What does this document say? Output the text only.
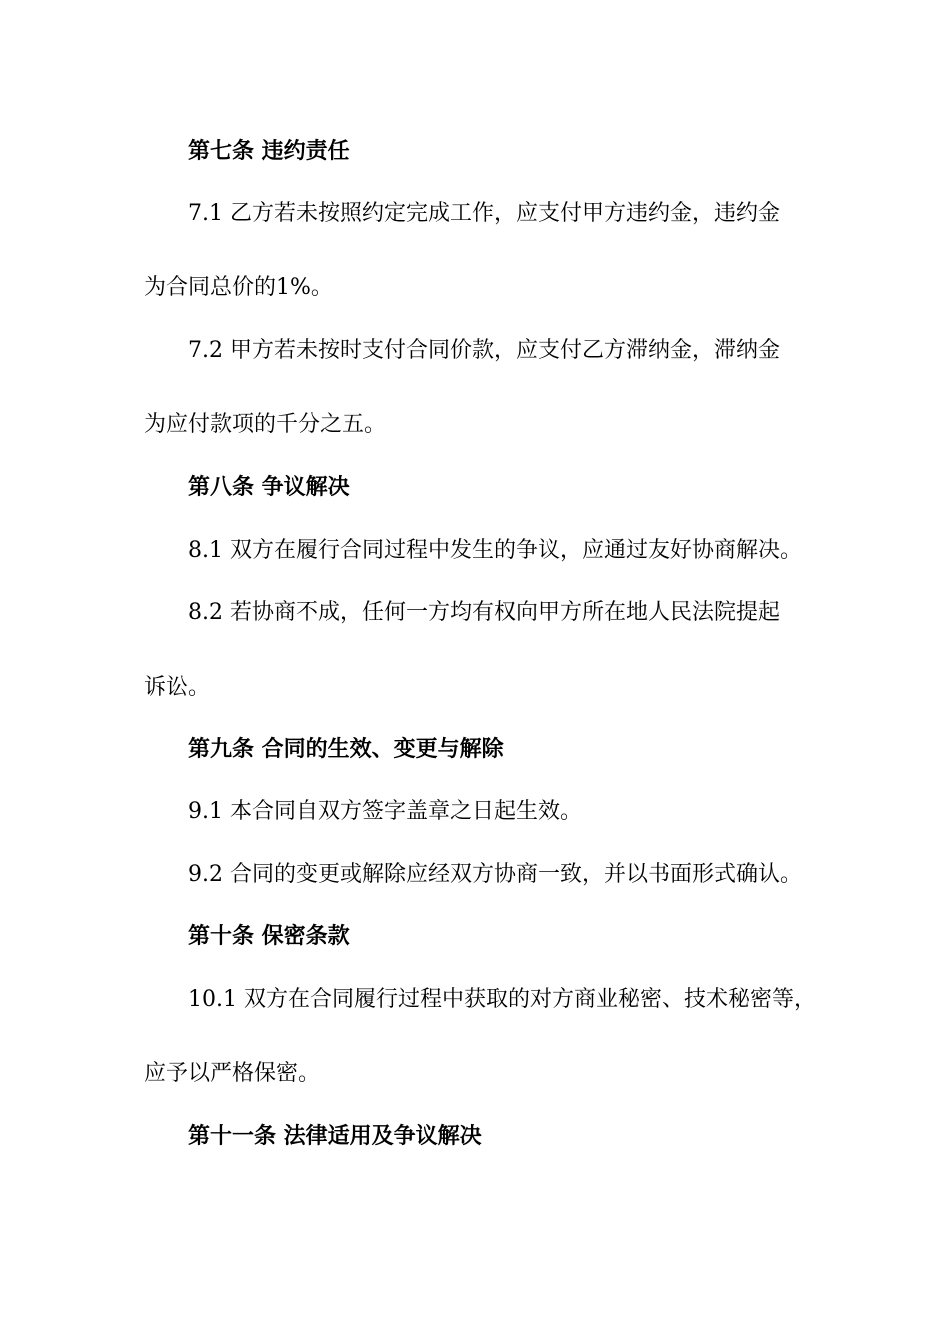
第七条 违约责任
7.1 乙方若未按照约定完成工作，应支付甲方违约金，违约金
为合同总价的1%。
7.2 甲方若未按时支付合同价款，应支付乙方滞纳金，滞纳金
为应付款项的千分之五。
第八条 争议解决
8.1 双方在履行合同过程中发生的争议，应通过友好协商解决。
8.2 若协商不成，任何一方均有权向甲方所在地人民法院提起
诉讼。
第九条 合同的生效、变更与解除
9.1 本合同自双方签字盖章之日起生效。
9.2 合同的变更或解除应经双方协商一致，并以书面形式确认。
第十条 保密条款
10.1 双方在合同履行过程中获取的对方商业秘密、技术秘密等，
应予以严格保密。
第十一条 法律适用及争议解决
